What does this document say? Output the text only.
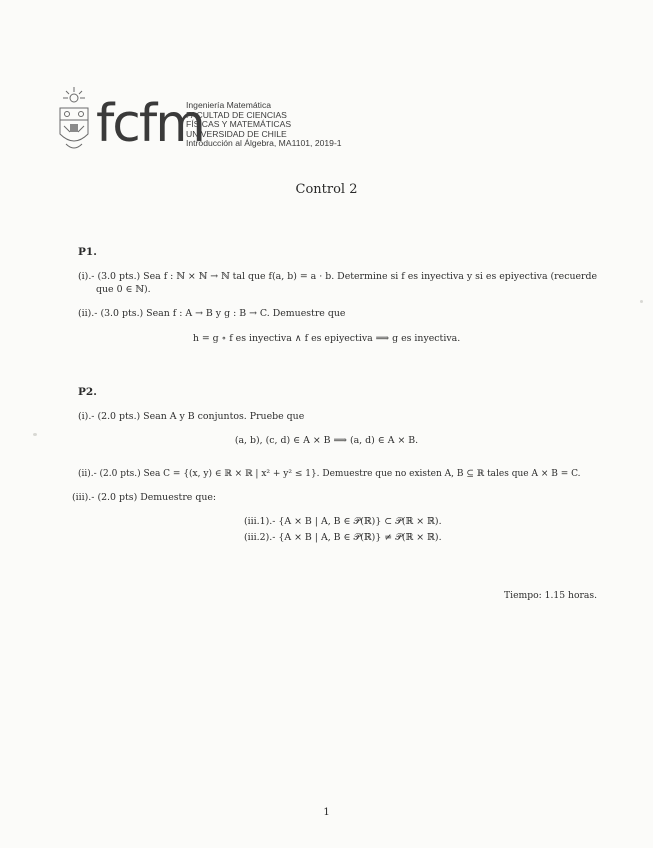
fcfm
Ingeniería Matemática
FACULTAD DE CIENCIAS
FÍSICAS Y MATEMÁTICAS
UNIVERSIDAD DE CHILE
Introducción al Álgebra, MA1101, 2019-1
Control 2
P1.
(i).- (3.0 pts.) Sea f : ℕ × ℕ → ℕ tal que f(a, b) = a · b. Determine si f es inyectiva y si es epiyectiva (recuerde
que 0 ∈ ℕ).
(ii).- (3.0 pts.) Sean f : A → B y g : B → C. Demuestre que
h = g ∘ f es inyectiva ∧ f es epiyectiva ⟹ g es inyectiva.
P2.
(i).- (2.0 pts.) Sean A y B conjuntos. Pruebe que
(a, b), (c, d) ∈ A × B ⟹ (a, d) ∈ A × B.
(ii).- (2.0 pts.) Sea C = {(x, y) ∈ ℝ × ℝ | x² + y² ≤ 1}. Demuestre que no existen A, B ⊆ ℝ tales que A × B = C.
(iii).- (2.0 pts) Demuestre que:
(iii.1).- {A × B | A, B ∈ 𝒫(ℝ)} ⊂ 𝒫(ℝ × ℝ).
(iii.2).- {A × B | A, B ∈ 𝒫(ℝ)} ≠ 𝒫(ℝ × ℝ).
Tiempo: 1.15 horas.
1
